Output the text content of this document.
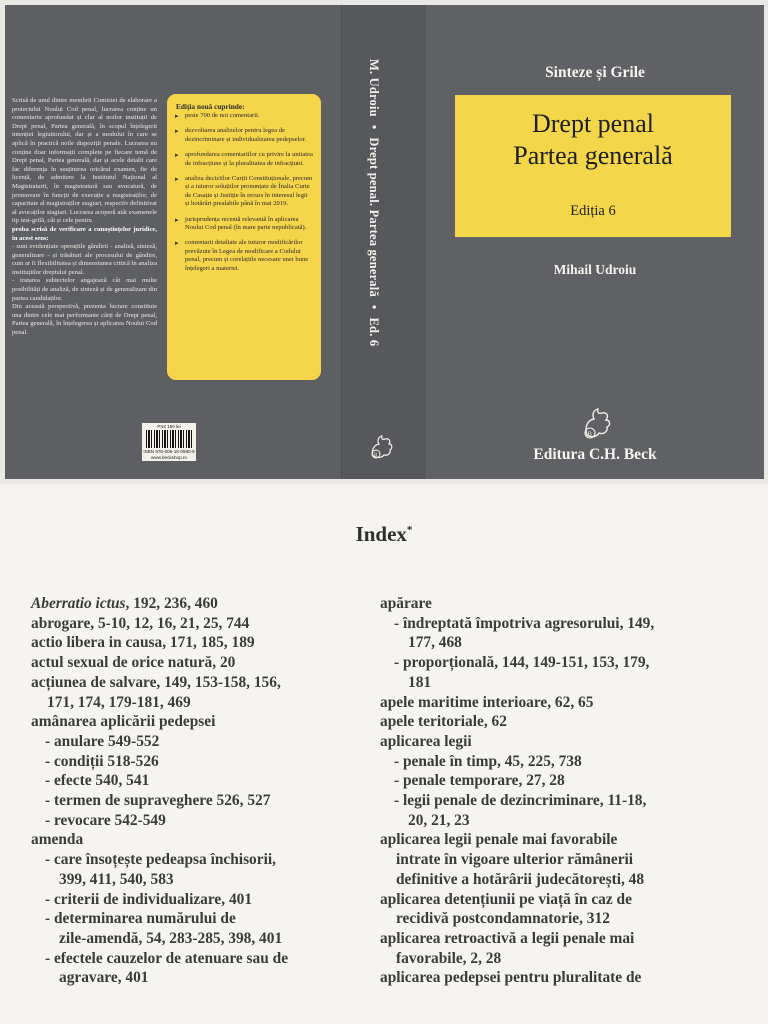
Scrisă de unul dintre membrii Comisiei de elaborare a proiectului Noului Cod penal, lucrarea conține un comentariu aprofundat și clar al noilor instituții de Drept penal, Partea generală, în scopul înțelegerii intenției legiuitorului, dar și a modului în care se aplică în practică noile dispoziții penale. Lucrarea nu conține doar informații complete pe fiecare temă de Drept penal, Partea generală, dar și acele detalii care fac diferența în susținerea oricărui examen, fie de licență, de admitere la Institutul Național al Magistraturii, în magistratură sau avocatură, de promovare în funcții de execuție a magistraților, de capacitate al magistraților stagiari, respectiv definitivat al avocaților stagiari. Lucrarea acoperă atât examenele tip test-grilă, cât și cele pentru

proba scrisă de verificare a cunoștințelor juridice, în acest sens:

- sunt evidențiate operațiile gândirii - analiză, sinteză, generalizare - și trăsături ale procesului de gândire, cum ar fi flexibilitatea și dimensiunea critică în analiza instituțiilor dreptului penal.

- tratarea subiectelor angajează cât mai multe posibilități de analiză, de sinteză și de generalizare din partea candidaților.

Din această perspectivă, prezenta lucrare constituie una dintre cele mai performante cărți de Drept penal, Partea generală, în înțelegerea și aplicarea Noului Cod penal.

Ediția nouă cuprinde:
▸ peste 700 de noi comentarii.
▸ dezvoltarea analizelor pentru legea de dezincriminare și individualizarea pedepselor.
▸ aprofundarea comentariilor cu privire la unitatea de infracțiune și la pluralitatea de infracțiuni.
▸ analiza deciziilor Curții Constituționale, precum și a tuturor soluțiilor pronunțate de Înalta Curte de Casație și Justiție în recurs în interesul legii și hotărâri prealabile până în mai 2019.
▸ jurisprudența recentă relevantă în aplicarea Noului Cod penal (în mare parte nepublicată).
▸ comentarii detaliate ale tuturor modificărilor prevăzute în Legea de modificare a Codului penal, precum și corelațiile necesare unei bune înțelegeri a materiei.
Preț 150 lei
ISBN 978-606-18-0980-9
www.beckshop.ro
M. Udroiu•Drept penal. Partea generală•Ed. 6
B
Sinteze și Grile
Drept penal
Partea generală
Ediția 6
Mihail Udroiu
B
Editura C.H. Beck
Index*
Aberratio ictus, 192, 236, 460
abrogare, 5-10, 12, 16, 21, 25, 744
actio libera in causa, 171, 185, 189
actul sexual de orice natură, 20
acțiunea de salvare, 149, 153-158, 156,
171, 174, 179-181, 469
amânarea aplicării pedepsei
- anulare 549-552
- condiții 518-526
- efecte 540, 541
- termen de supraveghere 526, 527
- revocare 542-549
amenda
- care însoțește pedeapsa închisorii,
399, 411, 540, 583
- criterii de individualizare, 401
- determinarea numărului de
zile-amendă, 54, 283-285, 398, 401
- efectele cauzelor de atenuare sau de
agravare, 401
apărare
- îndreptată împotriva agresorului, 149,
177, 468
- proporțională, 144, 149-151, 153, 179,
181
apele maritime interioare, 62, 65
apele teritoriale, 62
aplicarea legii
- penale în timp, 45, 225, 738
- penale temporare, 27, 28
- legii penale de dezincriminare, 11-18,
20, 21, 23
aplicarea legii penale mai favorabile
intrate în vigoare ulterior rămânerii
definitive a hotărârii judecătorești, 48
aplicarea detențiunii pe viață în caz de
recidivă postcondamnatorie, 312
aplicarea retroactivă a legii penale mai
favorabile, 2, 28
aplicarea pedepsei pentru pluralitate de
